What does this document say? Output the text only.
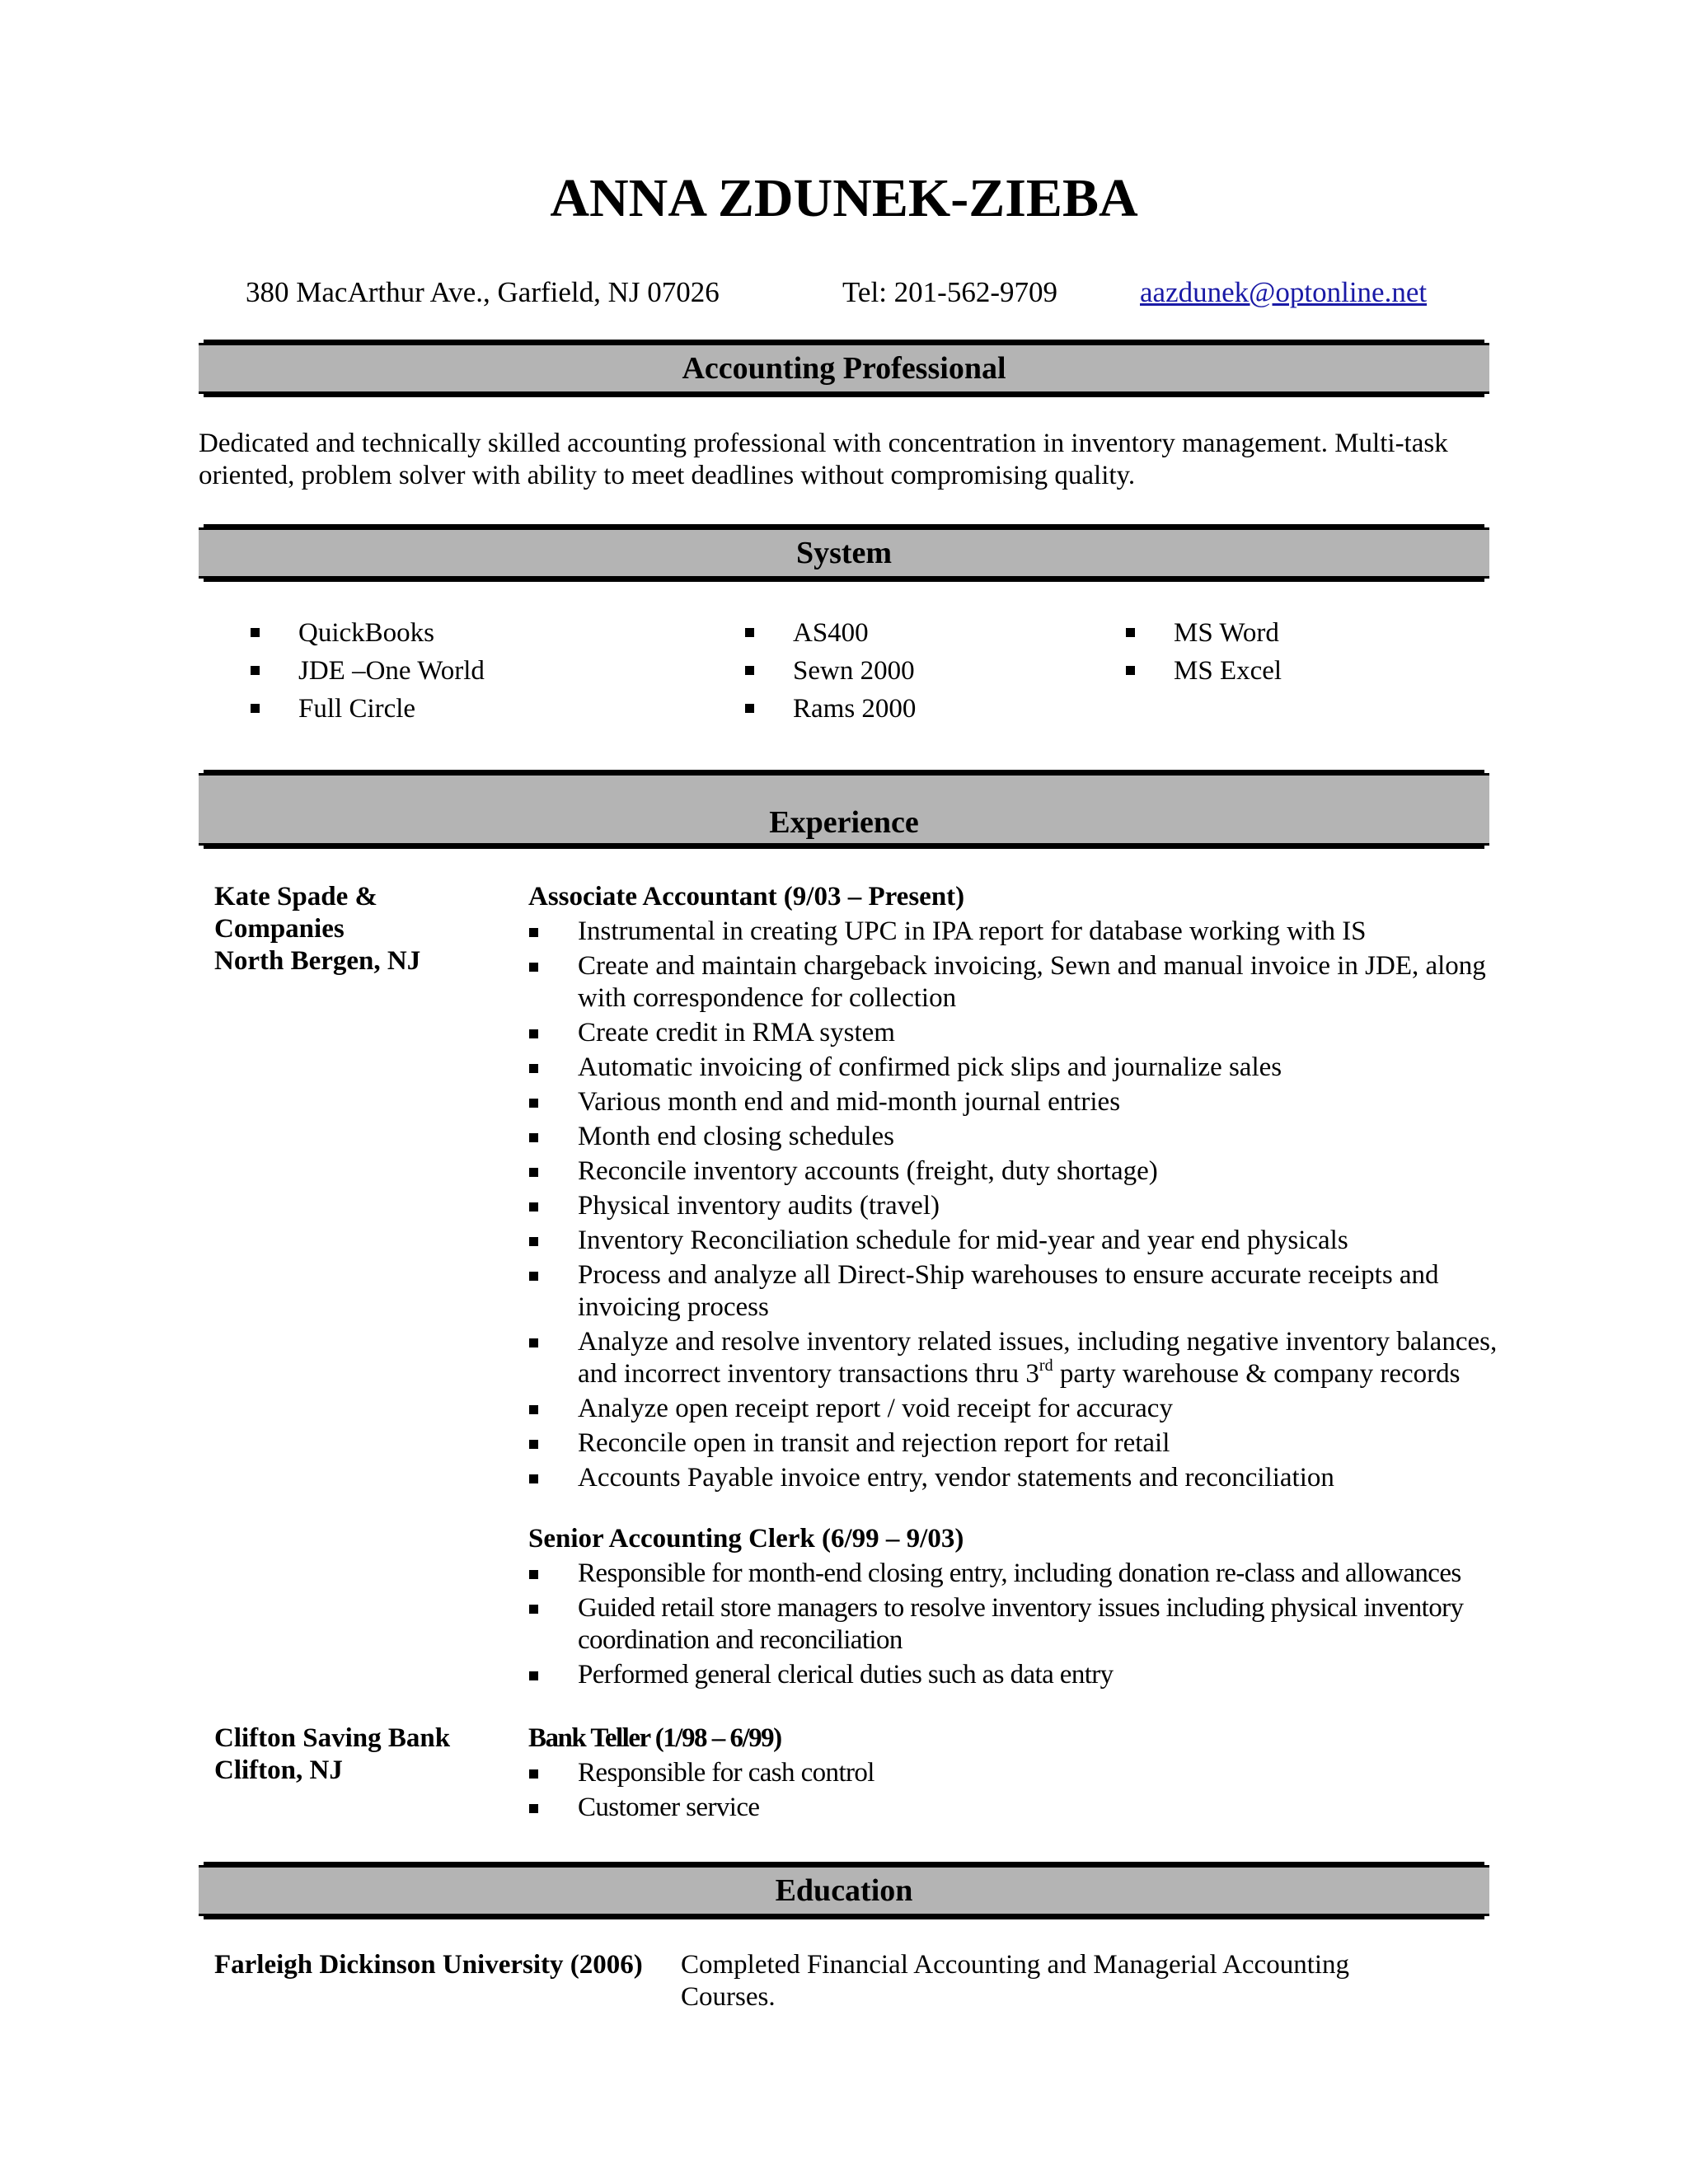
ANNA ZDUNEK-ZIEBA
380 MacArthur Ave., Garfield, NJ 07026	Tel: 201-562-9709	aazdunek@optonline.net
Accounting Professional
Dedicated and technically skilled accounting professional with concentration in inventory management. Multi-task oriented, problem solver with ability to meet deadlines without compromising quality.
System
QuickBooks
JDE –One World
Full Circle
AS400
Sewn 2000
Rams 2000
MS Word
MS Excel
Experience
Kate Spade &
Companies
North Bergen, NJ
Associate Accountant (9/03 – Present)
Instrumental in creating UPC in IPA report for database working with IS
Create and maintain chargeback invoicing, Sewn and manual invoice in JDE, along with correspondence for collection
Create credit in RMA system
Automatic invoicing of confirmed pick slips and journalize sales
Various month end and mid-month journal entries
Month end closing schedules
Reconcile inventory accounts (freight, duty shortage)
Physical inventory audits (travel)
Inventory Reconciliation schedule for mid-year and year end physicals
Process and analyze all Direct-Ship warehouses to ensure accurate receipts and invoicing process
Analyze and resolve inventory related issues, including negative inventory balances, and incorrect inventory transactions thru 3rd party warehouse & company records
Analyze open receipt report / void receipt for accuracy
Reconcile open in transit and rejection report for retail
Accounts Payable invoice entry, vendor statements and reconciliation
Senior Accounting Clerk (6/99 – 9/03)
Responsible for month-end closing entry, including donation re-class and allowances
Guided retail store managers to resolve inventory issues including physical inventory coordination and reconciliation
Performed general clerical duties such as data entry
Clifton Saving Bank
Clifton, NJ
Bank Teller (1/98 – 6/99)
Responsible for cash control
Customer service
Education
Farleigh Dickinson University (2006) Completed Financial Accounting and Managerial Accounting Courses.
